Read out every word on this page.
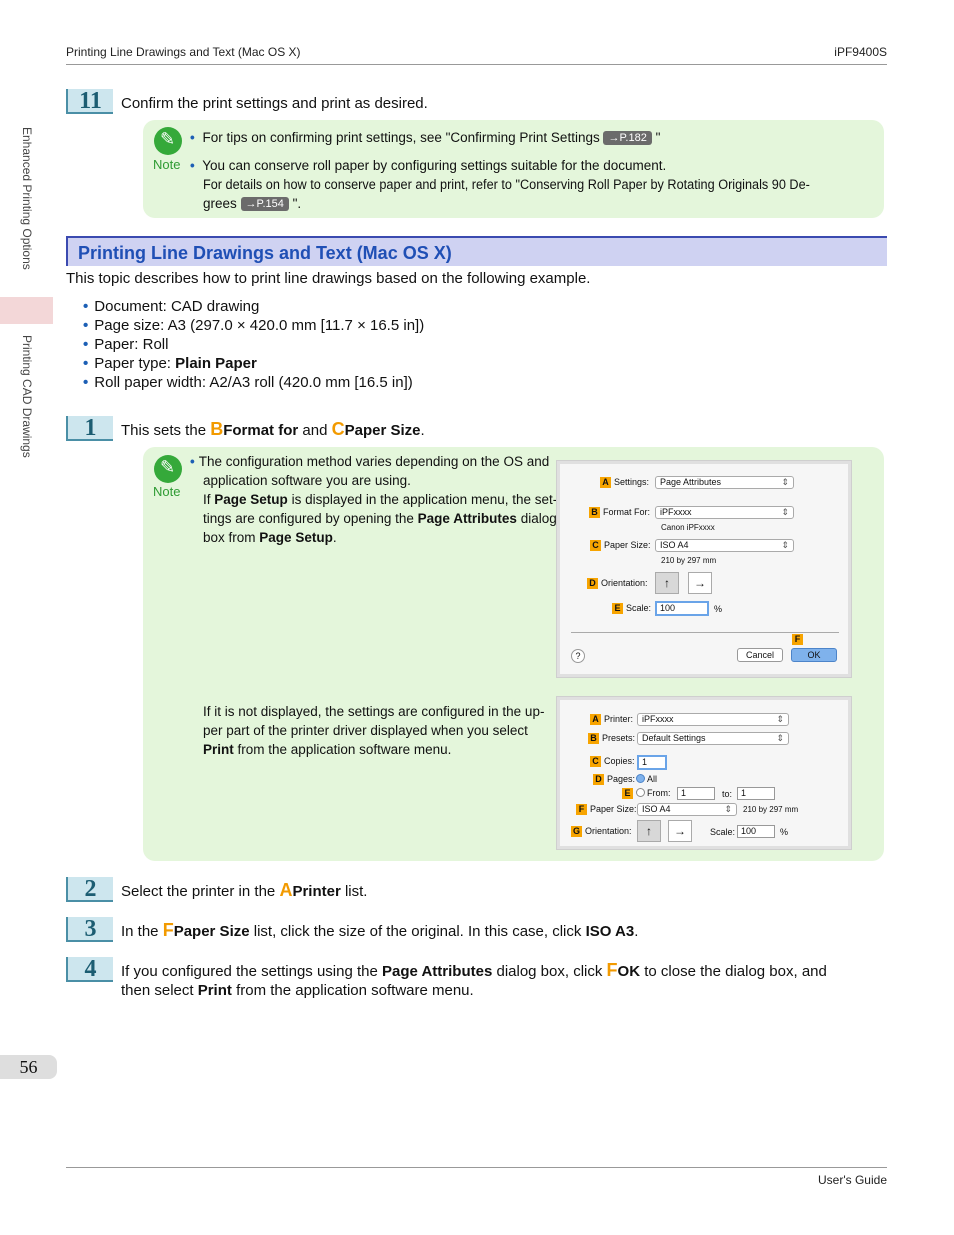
Printing Line Drawings and Text (Mac OS X)	iPF9400S
Enhanced Printing Options
Printing CAD Drawings
11	Confirm the print settings and print as desired.
✎
Note
• For tips on confirming print settings, see "Confirming Print Settings →P.182 "
• You can conserve roll paper by configuring settings suitable for the document.
For details on how to conserve paper and print, refer to "Conserving Roll Paper by Rotating Originals 90 De-
grees →P.154 ".
Printing Line Drawings and Text (Mac OS X)
This topic describes how to print line drawings based on the following example.
• Document: CAD drawing
• Page size: A3 (297.0 × 420.0 mm [11.7 × 16.5 in])
• Paper: Roll
• Paper type: Plain Paper
• Roll paper width: A2/A3 roll (420.0 mm [16.5 in])
1	This sets the BFormat for and CPaper Size.
✎
Note
• The configuration method varies depending on the OS and
application software you are using.
If Page Setup is displayed in the application menu, the set-
tings are configured by opening the Page Attributes dialog
box from Page Setup.
If it is not displayed, the settings are configured in the up-
per part of the printer driver displayed when you select
Print from the application software menu.
A Settings:	Page Attributes ⇕
B Format For:	iPFxxxx ⇕
Canon iPFxxxx
C Paper Size:	ISO A4 ⇕
210 by 297 mm
D Orientation:	↑	→
E Scale: 100	%
F
?	Cancel	OK
A Printer: iPFxxxx ⇕
B Presets: Default Settings ⇕
C Copies: 1
D Pages:	All
E	From:	1	to: 1
F Paper Size: ISO A4 ⇕	210 by 297 mm
G Orientation:	↑	→	Scale: 100	%
2	Select the printer in the APrinter list.
3	In the FPaper Size list, click the size of the original. In this case, click ISO A3.
4	If you configured the settings using the Page Attributes dialog box, click FOK to close the dialog box, and
then select Print from the application software menu.
56
User's Guide
